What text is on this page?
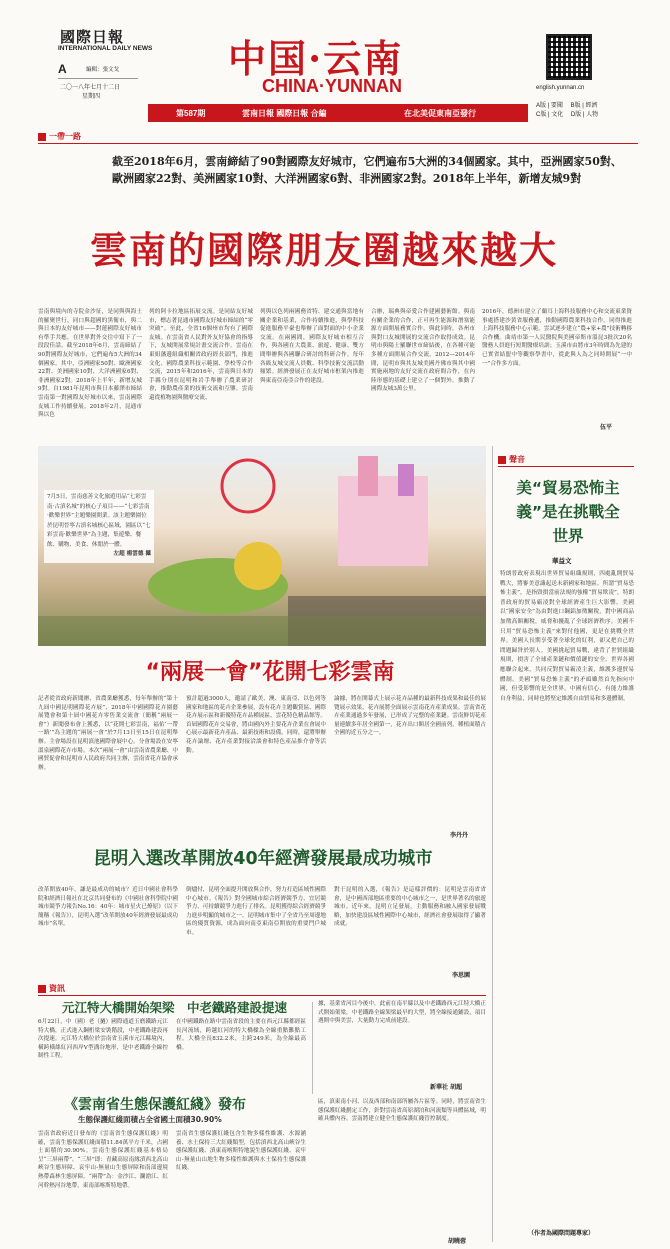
國際日報
INTERNATIONAL DAILY NEWS
A	編輯：張文戈
二〇一八年七月十二日
星期四
中国·云南
CHINA·YUNNAN	english.yunnan.cn
第587期	雲南日報 國際日報 合編	在北美促東南亞發行
A版 | 要聞 B版 | 經濟
C版 | 文化 D版 | 人物
一帶一路
截至2018年6月，雲南締結了90對國際友好城市，它們遍布5大洲的34個國家。其中，亞洲國家50對、歐洲國家22對、美洲國家10對、大洋洲國家6對、非洲國家2對。2018年上半年，新增友城9對
雲南的國際朋友圈越來越大
雲南與境內的寺院金沙征，是同與與海土的羅聚世行，同口與超國的黑衛市，與二與日本的友好城市——對蓮國際友好城市有準手共應，在世界對外交往中寫下了一段段佳話。截至2018年6月，雲南締結了90對國際友好城市，它們遍布5大洲的34個國家。其中，亞洲國家50對、歐洲國家22對、美洲國家10對、大洋洲國家6對、非洲國家2對。2018年上半年，新增友城9對。自1981年昆明市與日本藤澤市締結雲南第一對國際友好城市以來，雲南國際友城工作持續發展。2018年2月，昆通市與以色
列的阿卡拉地區拓展交流。是同結友好城市，標志著昆通市國際友好城市締結的“零突破”。至此，全省16個州市均有了國際友城。在雲南省人民對外友好協會的指導下，友城開展常規計畫交流合作。雲南在東姐藩邊組織相關省政府經長部門，推進文化、國際農業科技示範園、學校等合作交流，2015年和2016年，雲南與日本的手縣分別在昆明和岩手舉辦了農業研討會，推動農產業的技術交流和互鑒。雲南還從植物園與醫療交流、
列與以色列兩國務省特、建交通與當地有關企業和基業，合作持續推進，與學科技促進服務平臺也舉辦了面對面的中小企業交流。在兩國間，國際友好城市相互合作，與各國在大農業、旅遊、健康、雙方間舉辦與各國聯合研討的科研合作。每年各級友城交流人員數、科學技術交流活動頻繁。經濟發展正在友好城市框架內推進與東南亞南亞合作的建設。
合辦，瑞典與帝愛合作建國藝術館。與南有關企業的合作，正可再生能源和潛塞能源方面開展務實合作。與此同時，各州市與對口友城開展的交流合作取得成效。昆明市與陽士羅聯世市締結後，在各種可能多種方面開展合作交流。2012—2014年間，昆明市與其友城美國丹佛市與其中國實施兩地的友好交流在政府間合作，在內陸形態的基礎上建立了一個對外。推動了國際友城3萬公里。
2016年，德洲市建立了蘭耳上海科技服務中心和交流東業資事處搭建沙黃省服務遞，推動國際農業科技合作。同得推進上海科技服務中心示範，雲試逐步建立“農+家+農”技術轉移合作機。曲靖市第一人民醫院與美國帝斯市溫昆3批次20名醫務人員進行短期醫療培訓；玉溪市由將市3年時間為先建的已實省結盟中等觀察學書中，從此與人為之同時開展“一中一”合作多方面。
伍平
7月5日，雲南慈善文化旅遊用品“七彩雲南·古滇名城”的核心子項目——“七彩雲南·歡樂世界”主題樂園開業。該主題樂園位於昆明晉寧古滇名城核心區域，園區以“七彩雲南·歡樂世界”為主題，集遊樂、餐飲、購物、美食、休閒於一體。
左超 楊雲德 攝
“兩展一會”花開七彩雲南
記者從省政府新聞辦、省農業廳獲悉，每年舉辦的“第十九屆中國昆明國際花卉展”、2018年中國國際花卉園藝展覽會和第十屆中國花卉零售業交流會（簡稱“兩展一會”）新聞發布會上獲悉，以“花開七彩雲南，福佑‘一帶一路’”為主題的“兩展一會”於7月13日至15日在昆明舉辦。主會場設在昆明滇池國際會展中心。分會場設在安寧溫泉國際花卉市場。本次“兩展一會”由雲南省農業廳、中國貿促會和昆明市人民政府共同主辦，雲南省花卉協會承辦。
預計超過3000人，邀請了歐美、澳、東南亞、以色列等國家和地區的花卉企業參展，設有花卉主題觀賞區、國際花卉展示區和新優特花卉品種展區、雲花特色精品館等。首屆國際花卉交易會，將由國內外主要花卉企業在會展中心展示最新花卉產品、最新技術和設備。同時，還將舉辦花卉論壇、花卉產業對接洽談會和特色產品推介會等活動。
論據，將在開幕式上展示花卉品種的最新科技成果和最佳的展覽展示效果，花卉展將全面展示雲南花卉產業成果。雲南省花卉產業通過多年發展，已形成了完整的產業鏈。雲南鮮切花產量連續多年居全國第一，花卉出口額居全國前列，種植面積占全國的近五分之一。
李丹丹
昆明入選改革開放40年經濟發展最成功城市
改革開放40年，謙是最成功的城市？近日中國社會科學院和經濟日報社在北京共同發布的《中國社會科學院中國城市競爭力報告No.16：40年：城市星火已燎原》（以下簡稱《報告》），昆明入選“改革開放40年經濟發展最成功城市”名單。
倒燼付，昆明全面提升開放與合作，努力打造區域性國際中心城市。《報告》對全國城市綜合經濟競爭力、宜居競爭力、可持續競爭力進行了排名。昆明獲得綜合經濟競爭力進步明顯的城市之一。昆明城市集中了全省乃至周邊地區的優質資源，成為面向南亞東南亞開放的重要門戶城市。
對于昆明的入選，《報告》是這樣評價的：昆明是雲南省省會，是中國西部地區重要的中心城市之一，是世界著名的旅遊城市。近年來，昆明立足發展，主動服務和融入國家發展戰略，加快建設區域性國際中心城市，經濟社會發展取得了顯著成就。
李思園
資訊
元江特大橋開始架梁　中老鐵路建設提速
6月22日，中（國）老（撾）國際通道玉磨鐵路元江特大橋，正式進入鋼桁梁安裝階段，中老鐵路建設再次提速。元江特大橋位於雲南省玉溪市元江縣境內，橫跨橫絲紅河西岸V型溝谷地形，是中老鐵路全線控制性工程。
在中國鐵路在路中雲南省段的主要在西元江縣都經區長河流域，跨越紅河的特大橋樑為全線重點難點工程。大橋全長832.2米，主跨249米，為全線最高橋。
據，基業省河目今後中，此前在南平縣以及中老鐵路西元江特大橋正式開始架梁，中老鐵路全線架梁最早的大型，將全線接通鋪設，項目遇開中與美雲，大量動力完成前建設。
新華社 胡超
《雲南省生態保護紅綫》發布
生態保護紅綫面積占全省國土面積30.90%
雲南省政府近日發布的《雲南省生態保護紅綫》明確，雲南生態保護紅綫面積11.84萬平方千米，占國土面積的30.90%。雲南生態保護紅綫基本格局呈“三屏兩帶”。“三屏”即：青藏高原南緣滇西北高山峽谷生態屏障、哀牢山-無量山生態屏障和南部邊境熱帶森林生態屏障。“兩帶”為：金沙江、瀾滄江、紅河幹熱河谷地帶，東南部喀斯特地帶。
雲南省生態保護紅綫包含生物多樣性維護、水源涵養、水土保持三大紅綫類型，包括滇西北高山峽谷生態保護紅綫、滇東南喀斯特地貌生態保護紅綫、哀牢山-無量山山地生物多樣性維護與水土保持生態保護紅綫。
區，滇東南小河、以及西部和南部所屬各片區等。同時，將雲南省生態保護紅綫劃定工作，針對雲南省高原湖泊和河流類等具體區域，明確具體內容。雲南將建立健全生態保護紅綫管控制度。
胡曉蓉
聲音
美“貿易恐怖主義”是在挑戰全世界
華益文
特朗普政府表現出世界貿易組織規則，四處亂開貿易戰大，將審美意識起送未新國家和地區。所謂“貿易恐怖主義”，是指毀損當前法規的強權“貿易欺凌”，特朗普政府的貿易霸凌對全球經濟產生巨大影響。美國以“國家安全”為由對進口鋼鋁加徵關稅，對中國商品加徵高額關稅，威脅和擾亂了全球經濟秩序。美國不只用“貿易恐怖主義”來對付他國，更是在挑戰全世界。美國人長期享受著全球化的紅利，卻又把自己的問題歸咎於別人。美國挑起貿易戰，違背了世貿組織規則，損害了全球產業鏈和價值鏈的安全。世界各國應聯合起來，共同反對貿易霸凌主義，維護多邊貿易體制。美國“貿易恐怖主義”的矛頭雖然首先指向中國，但受影響的是全世界。中國有信心、有能力維護自身利益，同時也將堅定維護自由貿易和多邊體制。
（作者為國際問題專家）
